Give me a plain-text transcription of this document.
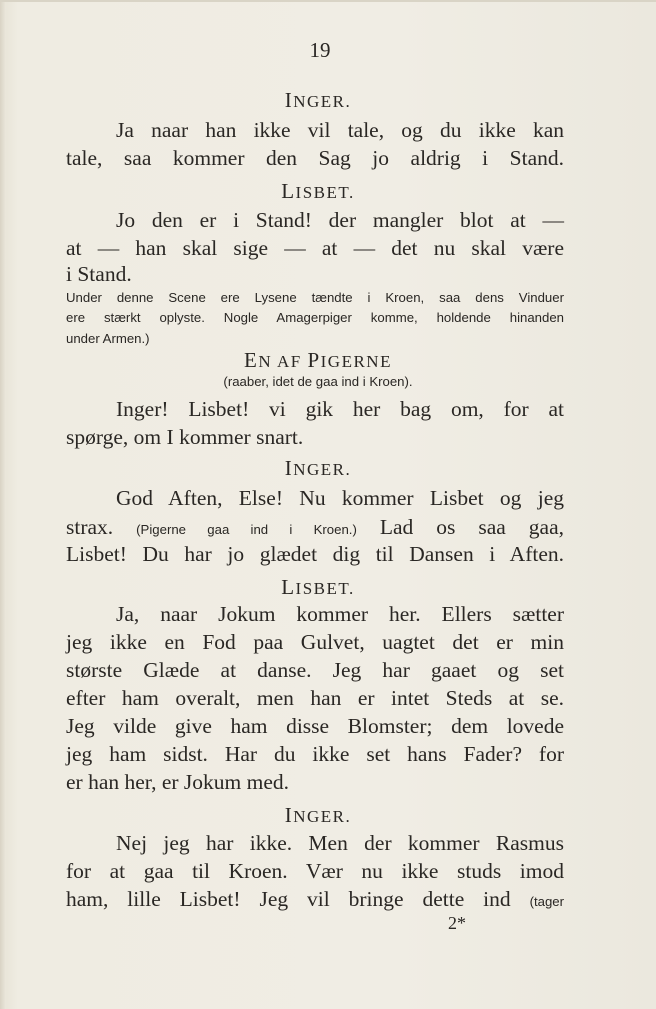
19
INGER.
Ja naar han ikke vil tale, og du ikke kan
tale, saa kommer den Sag jo aldrig i Stand.
LISBET.
Jo den er i Stand! der mangler blot at —
at — han skal sige — at — det nu skal være
i Stand.
Under denne Scene ere Lysene tændte i Kroen, saa dens Vinduer
ere stærkt oplyste. Nogle Amagerpiger komme, holdende hinanden
under Armen.)
EN AF PIGERNE
(raaber, idet de gaa ind i Kroen).
Inger! Lisbet! vi gik her bag om, for at
spørge, om I kommer snart.
INGER.
God Aften, Else! Nu kommer Lisbet og jeg
strax. (Pigerne gaa ind i Kroen.) Lad os saa gaa,
Lisbet! Du har jo glædet dig til Dansen i Aften.
LISBET.
Ja, naar Jokum kommer her. Ellers sætter
jeg ikke en Fod paa Gulvet, uagtet det er min
største Glæde at danse. Jeg har gaaet og set
efter ham overalt, men han er intet Steds at se.
Jeg vilde give ham disse Blomster; dem lovede
jeg ham sidst. Har du ikke set hans Fader? for
er han her, er Jokum med.
INGER.
Nej jeg har ikke. Men der kommer Rasmus
for at gaa til Kroen. Vær nu ikke studs imod
ham, lille Lisbet! Jeg vil bringe dette ind (tager
2*
